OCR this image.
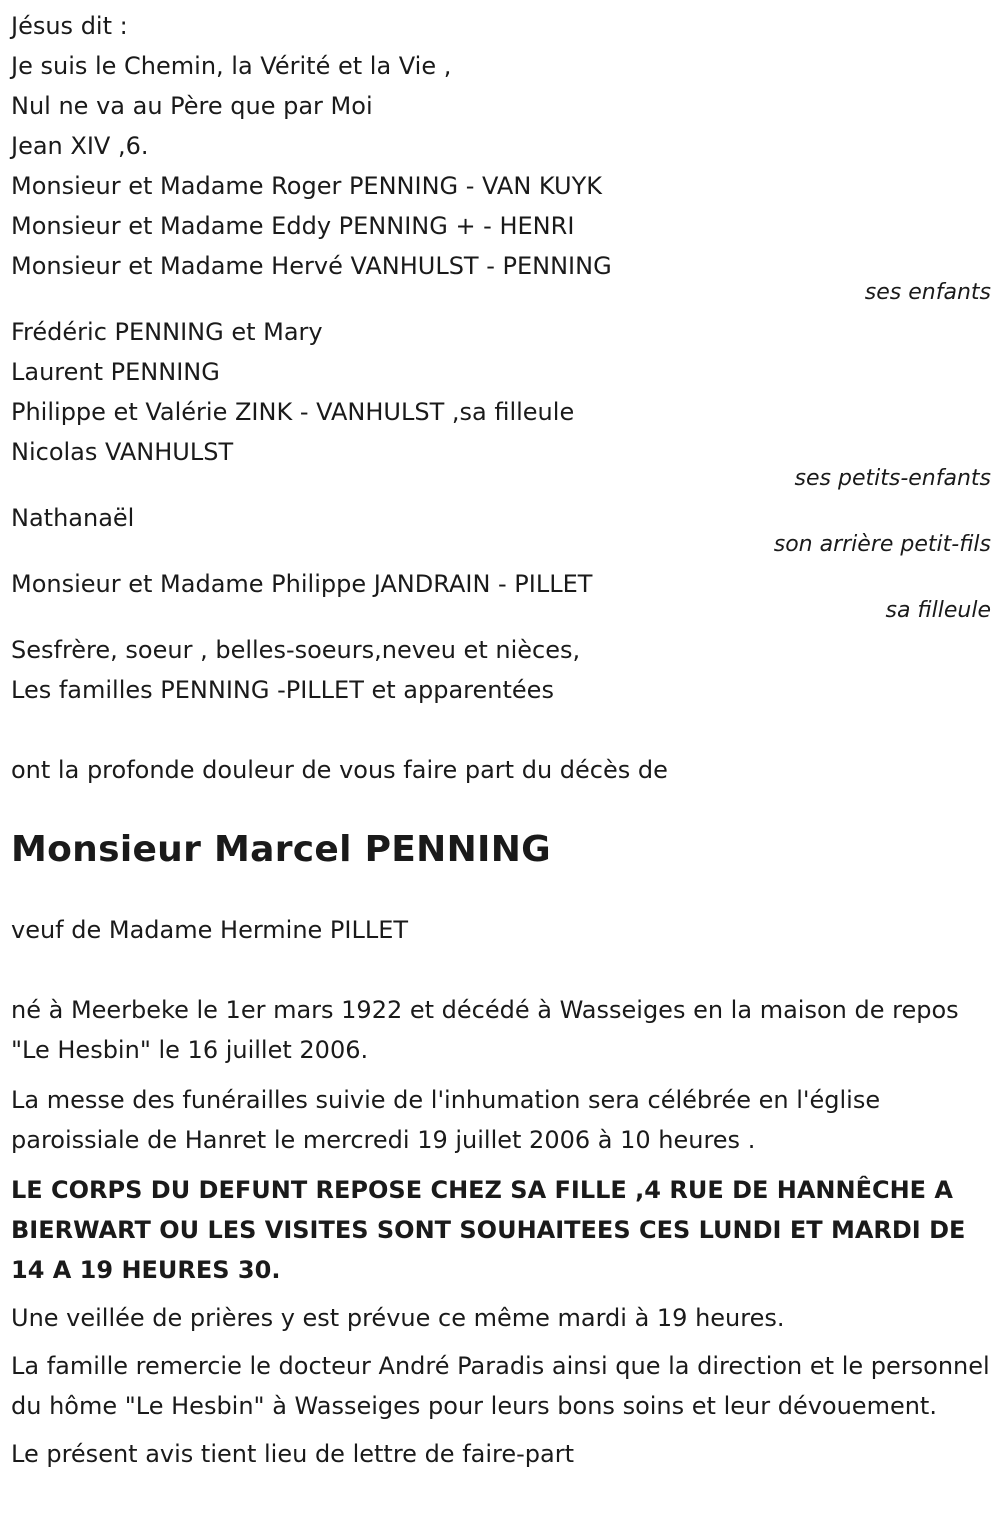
Jésus dit :

Je suis le Chemin, la Vérité et la Vie ,

Nul ne va au Père que par Moi

Jean XIV ,6.

Monsieur et Madame Roger PENNING - VAN KUYK

Monsieur et Madame Eddy PENNING + - HENRI

Monsieur et Madame Hervé VANHULST - PENNING

ses enfants

Frédéric PENNING et Mary

Laurent PENNING

Philippe et Valérie ZINK - VANHULST ,sa filleule

Nicolas VANHULST

ses petits-enfants

Nathanaël

son arrière petit-fils

Monsieur et Madame Philippe JANDRAIN - PILLET

sa filleule

Sesfrère, soeur , belles-soeurs,neveu et nièces,

Les familles PENNING -PILLET et apparentées

ont la profonde douleur de vous faire part du décès de

Monsieur Marcel PENNING

veuf de Madame Hermine PILLET

né à Meerbeke le 1er mars 1922 et décédé à Wasseiges en la maison de repos "Le Hesbin" le 16 juillet 2006.

La messe des funérailles suivie de l'inhumation sera célébrée en l'église paroissiale de Hanret le mercredi 19 juillet 2006 à 10 heures .

LE CORPS DU DEFUNT REPOSE CHEZ SA FILLE ,4 RUE DE HANNÊCHE A BIERWART OU LES VISITES SONT SOUHAITEES CES LUNDI ET MARDI DE 14 A 19 HEURES 30.

Une veillée de prières y est prévue ce même mardi à 19 heures.

La famille remercie le docteur André Paradis ainsi que la direction et le personnel du hôme "Le Hesbin" à Wasseiges pour leurs bons soins et leur dévouement.

Le présent avis tient lieu de lettre de faire-part
